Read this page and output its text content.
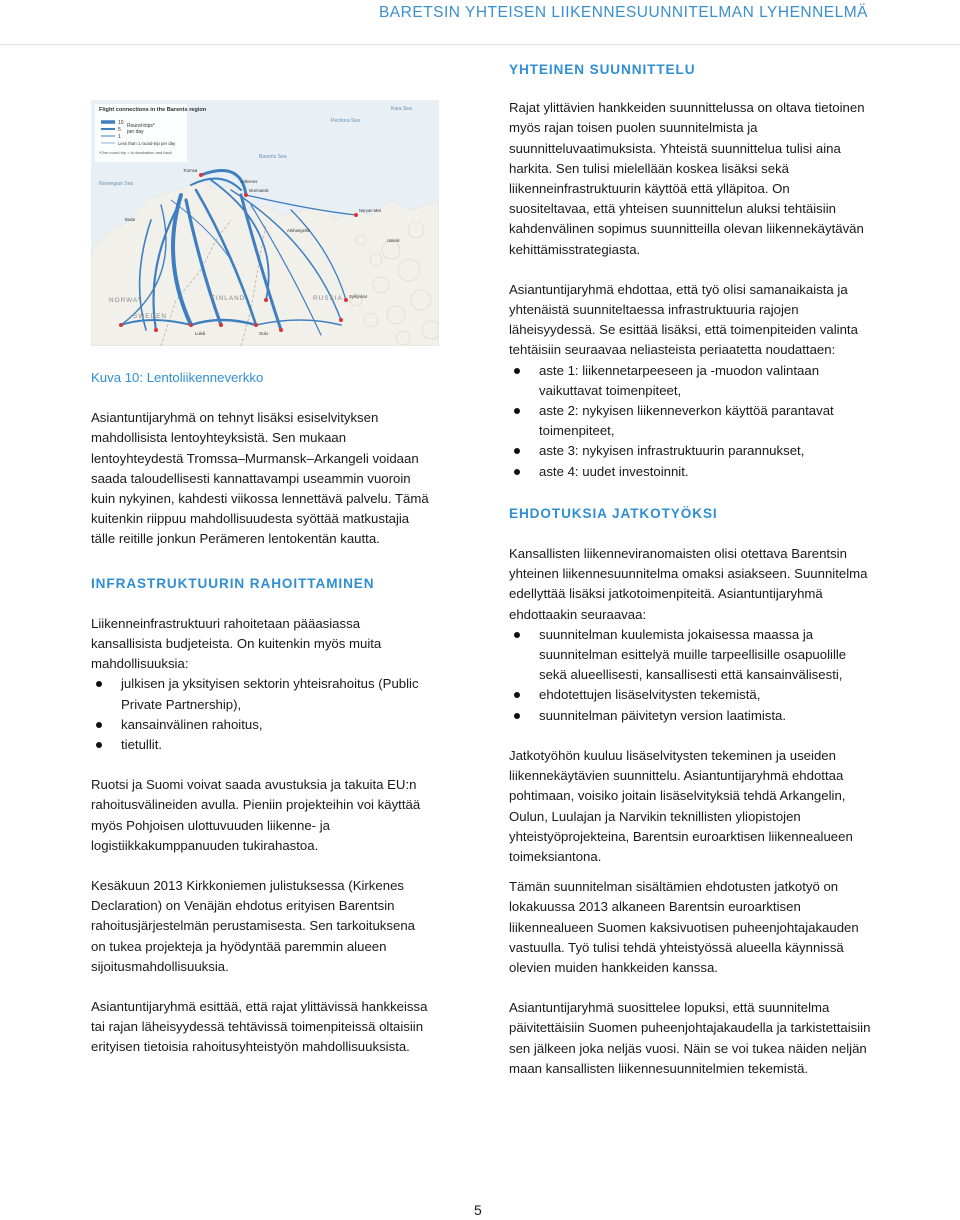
BARETSIN YHTEISEN LIIKENNESUUNNITELMAN LYHENNELMÄ
Flight connections in the Barents region
10
5
1
Round-trips*
per day
Less than 1 round-trip per day
*One round trip = to destination and back
Barents Sea
Pechora Sea
Kara Sea
Norwegian Sea
NORWAY
SWEDEN
FINLAND	RUSSIA
Tromsø
Murmansk
Arkhangelsk
Naryan-Mar
Usinsk
Syktyvkar
Luleå	Oulu
Bodø
Kirkenes

Kuva 10: Lentoliikenneverkko

Asiantuntijaryhmä on tehnyt lisäksi esiselvityksen mahdollisista lentoyhteyksistä. Sen mukaan lentoyhteydestä Tromssa–Murmansk–Arkangeli voidaan saada taloudellisesti kannattavampi useammin vuoroin kuin nykyinen, kahdesti viikossa lennettävä palvelu. Tämä kuitenkin riippuu mahdollisuudesta syöttää matkustajia tälle reitille jonkun Perämeren lentokentän kautta.

INFRASTRUKTUURIN RAHOITTAMINEN

Liikenneinfrastruktuuri rahoitetaan pääasiassa kansallisista budjeteista. On kuitenkin myös muita mahdollisuuksia:

julkisen ja yksityisen sektorin yhteisrahoitus (Public Private Partnership),
kansainvälinen rahoitus,
tietullit.

Ruotsi ja Suomi voivat saada avustuksia ja takuita EU:n rahoitusvälineiden avulla. Pieniin projekteihin voi käyttää myös Pohjoisen ulottuvuuden liikenne- ja logistiikkakumppanuuden tukirahastoa.

Kesäkuun 2013 Kirkkoniemen julistuksessa (Kirkenes Declaration) on Venäjän ehdotus erityisen Barentsin rahoitusjärjestelmän perustamisesta. Sen tarkoituksena on tukea projekteja ja hyödyntää paremmin alueen sijoitusmahdollisuuksia.

Asiantuntijaryhmä esittää, että rajat ylittävissä hankkeissa tai rajan läheisyydessä tehtävissä toimenpiteissä oltaisiin erityisen tietoisia rahoitusyhteistyön mahdollisuuksista.

YHTEINEN SUUNNITTELU

Rajat ylittävien hankkeiden suunnittelussa on oltava tietoinen myös rajan toisen puolen suunnitelmista ja suunnitteluvaatimuksista. Yhteistä suunnittelua tulisi aina harkita. Sen tulisi mielellään koskea lisäksi sekä liikenneinfrastruktuurin käyttöä että ylläpitoa. On suositeltavaa, että yhteisen suunnittelun aluksi tehtäisiin kahdenvälinen sopimus suunnitteilla olevan liikennekäytävän kehittämisstrategiasta.

Asiantuntijaryhmä ehdottaa, että työ olisi samanaikaista ja yhtenäistä suunniteltaessa infrastruktuuria rajojen läheisyydessä. Se esittää lisäksi, että toimenpiteiden valinta tehtäisiin seuraavaa neliasteista periaatetta noudattaen:

aste 1: liikennetarpeeseen ja -muodon valintaan vaikuttavat toimenpiteet,
aste 2: nykyisen liikenneverkon käyttöä parantavat toimenpiteet,
aste 3: nykyisen infrastruktuurin parannukset,
aste 4: uudet investoinnit.
EHDOTUKSIA JATKOTYÖKSI

Kansallisten liikenneviranomaisten olisi otettava Barentsin yhteinen liikennesuunnitelma omaksi asiakseen. Suunnitelma edellyttää lisäksi jatkotoimenpiteitä. Asiantuntijaryhmä ehdottaakin seuraavaa:

suunnitelman kuulemista jokaisessa maassa ja suunnitelman esittelyä muille tarpeellisille osapuolille sekä alueellisesti, kansallisesti että kansainvälisesti,
ehdotettujen lisäselvitysten tekemistä,
suunnitelman päivitetyn version laatimista.

Jatkotyöhön kuuluu lisäselvitysten tekeminen ja useiden liikennekäytävien suunnittelu. Asiantuntijaryhmä ehdottaa pohtimaan, voisiko joitain lisäselvityksiä tehdä Arkangelin, Oulun, Luulajan ja Narvikin teknillisten yliopistojen yhteistyöprojekteina, Barentsin euroarktisen liikennealueen toimeksiantona.

Tämän suunnitelman sisältämien ehdotusten jatkotyö on lokakuussa 2013 alkaneen Barentsin euroarktisen liikennealueen Suomen kaksivuotisen puheenjohtajakauden vastuulla. Työ tulisi tehdä yhteistyössä alueella käynnissä olevien muiden hankkeiden kanssa.

Asiantuntijaryhmä suosittelee lopuksi, että suunnitelma päivitettäisiin Suomen puheenjohtajakaudella ja tarkistettaisiin sen jälkeen joka neljäs vuosi. Näin se voi tukea näiden neljän maan kansallisten liikennesuunnitelmien tekemistä.

5
